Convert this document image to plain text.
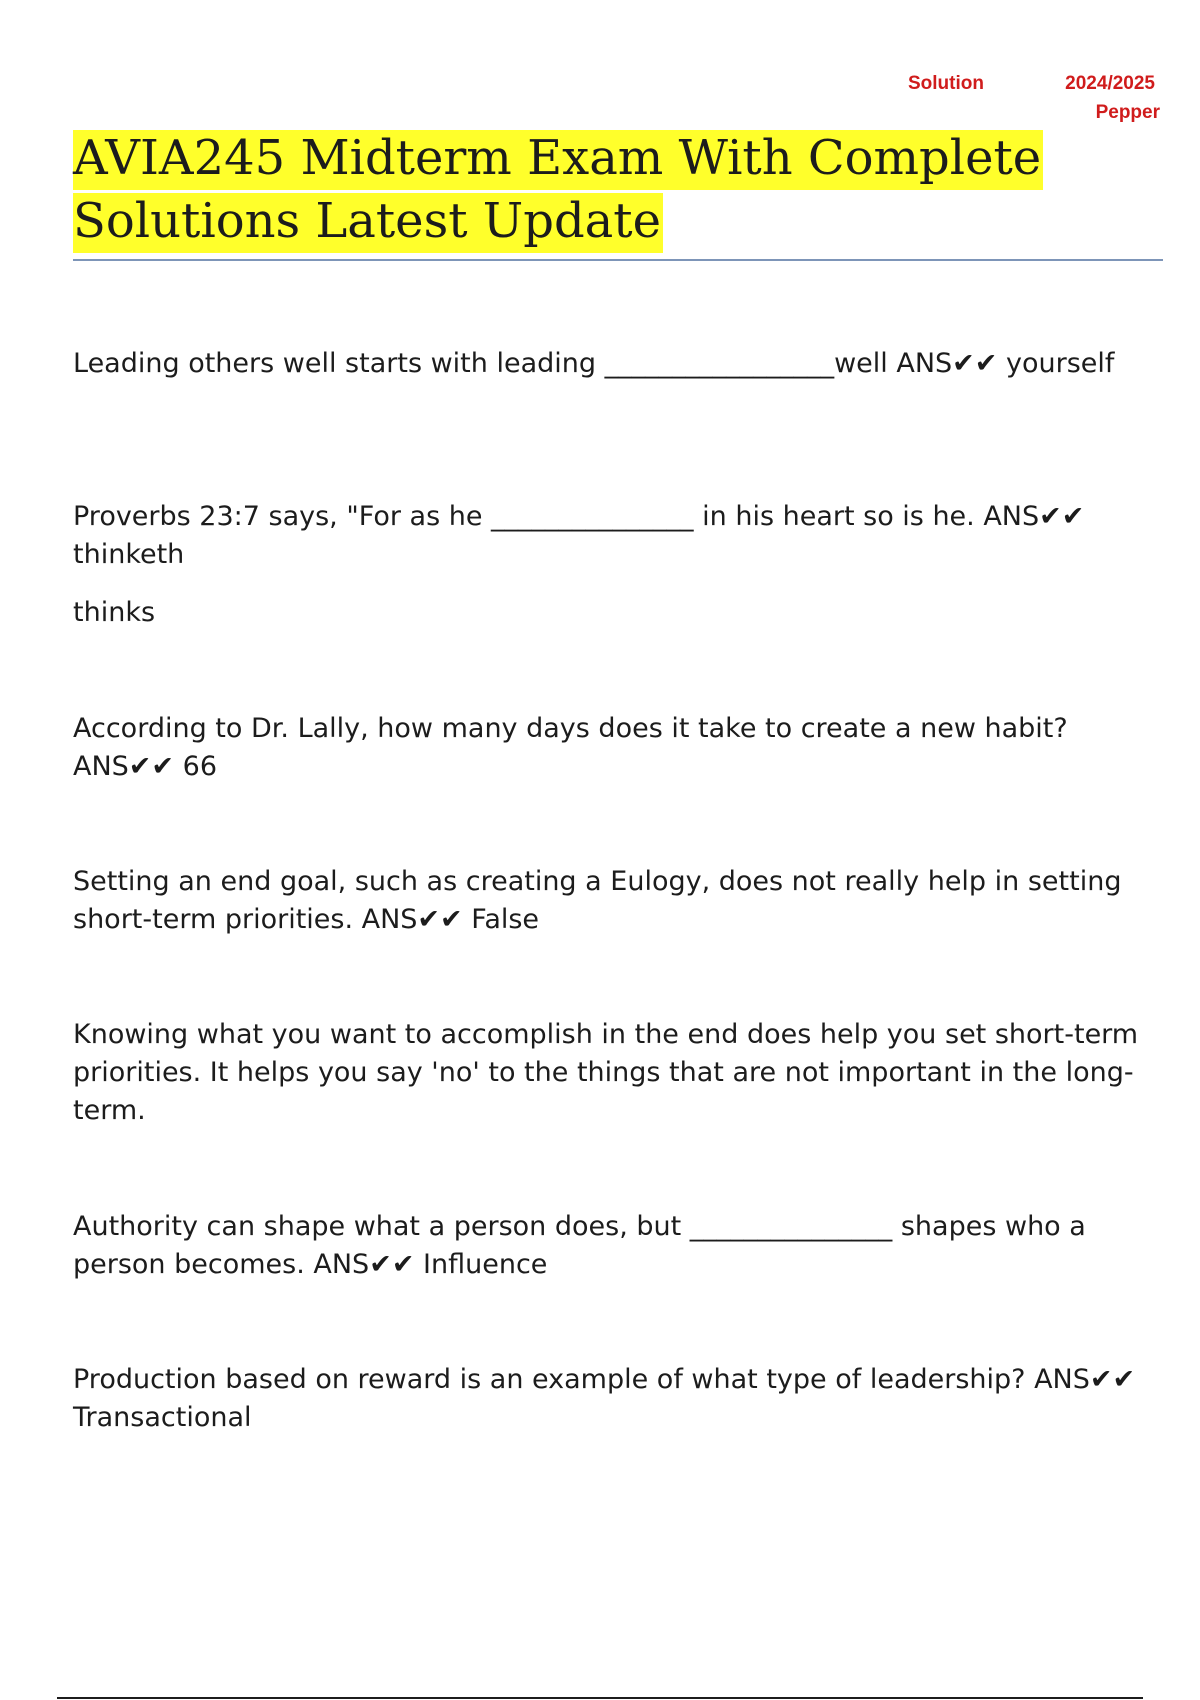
Solution	2024/2025
Pepper
AVIA245 Midterm Exam With Complete
Solutions Latest Update

Leading others well starts with leading _________________well ANS✔✔ yourself

Proverbs 23:7 says, "For as he _______________ in his heart so is he. ANS✔✔ thinketh

thinks

According to Dr. Lally, how many days does it take to create a new habit? ANS✔✔ 66

Setting an end goal, such as creating a Eulogy, does not really help in setting short-term priorities. ANS✔✔ False

Knowing what you want to accomplish in the end does help you set short-term priorities. It helps you say 'no' to the things that are not important in the long-term.

Authority can shape what a person does, but _______________ shapes who a person becomes. ANS✔✔ Influence

Production based on reward is an example of what type of leadership? ANS✔✔ Transactional
